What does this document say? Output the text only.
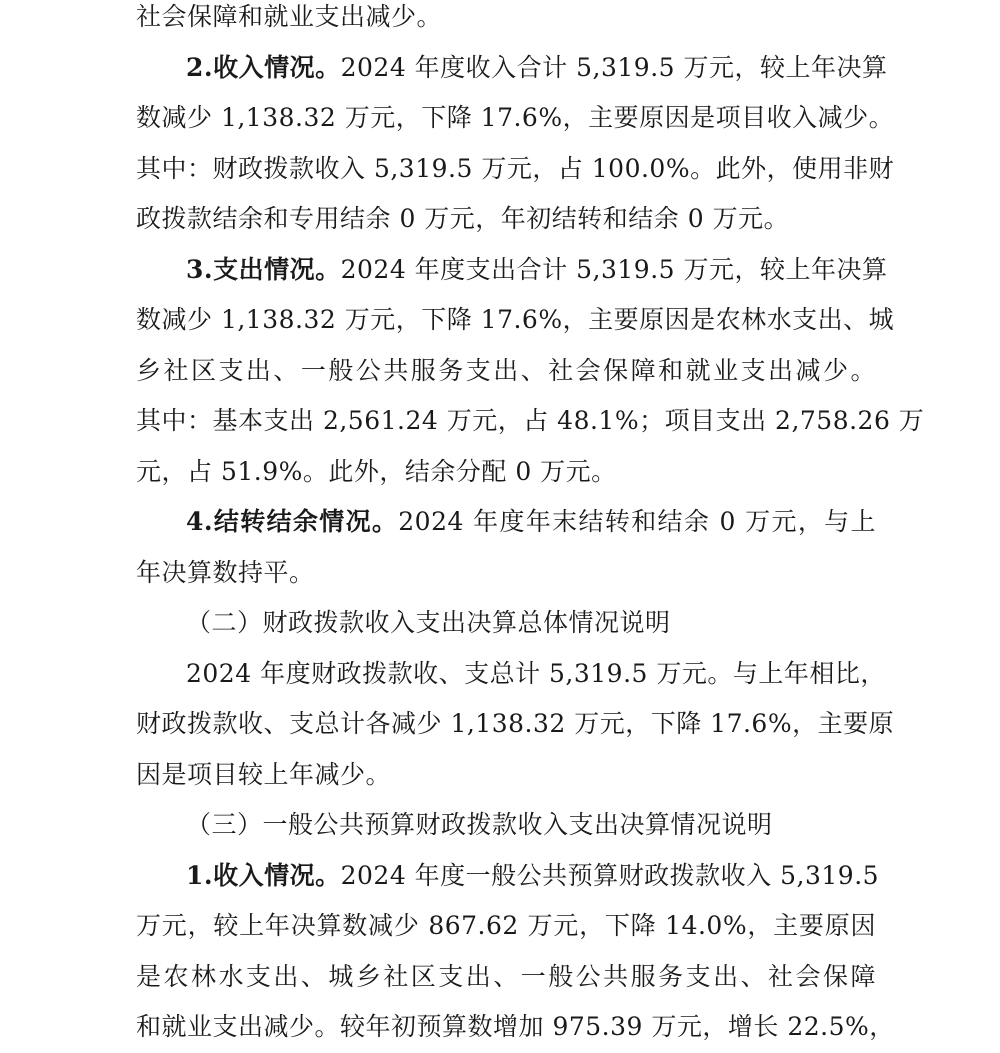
社会保障和就业支出减少。
2.收入情况。2024 年度收入合计 5,319.5 万元，较上年决算
数减少 1,138.32 万元，下降 17.6%，主要原因是项目收入减少。
其中：财政拨款收入 5,319.5 万元，占 100.0%。此外，使用非财
政拨款结余和专用结余 0 万元，年初结转和结余 0 万元。
3.支出情况。2024 年度支出合计 5,319.5 万元，较上年决算
数减少 1,138.32 万元，下降 17.6%，主要原因是农林水支出、城
乡社区支出、一般公共服务支出、社会保障和就业支出减少。
其中：基本支出 2,561.24 万元，占 48.1%；项目支出 2,758.26 万
元，占 51.9%。此外，结余分配 0 万元。
4.结转结余情况。2024 年度年末结转和结余 0 万元，与上
年决算数持平。
（二）财政拨款收入支出决算总体情况说明
2024 年度财政拨款收、支总计 5,319.5 万元。与上年相比，
财政拨款收、支总计各减少 1,138.32 万元，下降 17.6%，主要原
因是项目较上年减少。
（三）一般公共预算财政拨款收入支出决算情况说明
1.收入情况。2024 年度一般公共预算财政拨款收入 5,319.5
万元，较上年决算数减少 867.62 万元，下降 14.0%，主要原因
是农林水支出、城乡社区支出、一般公共服务支出、社会保障
和就业支出减少。较年初预算数增加 975.39 万元，增长 22.5%，
